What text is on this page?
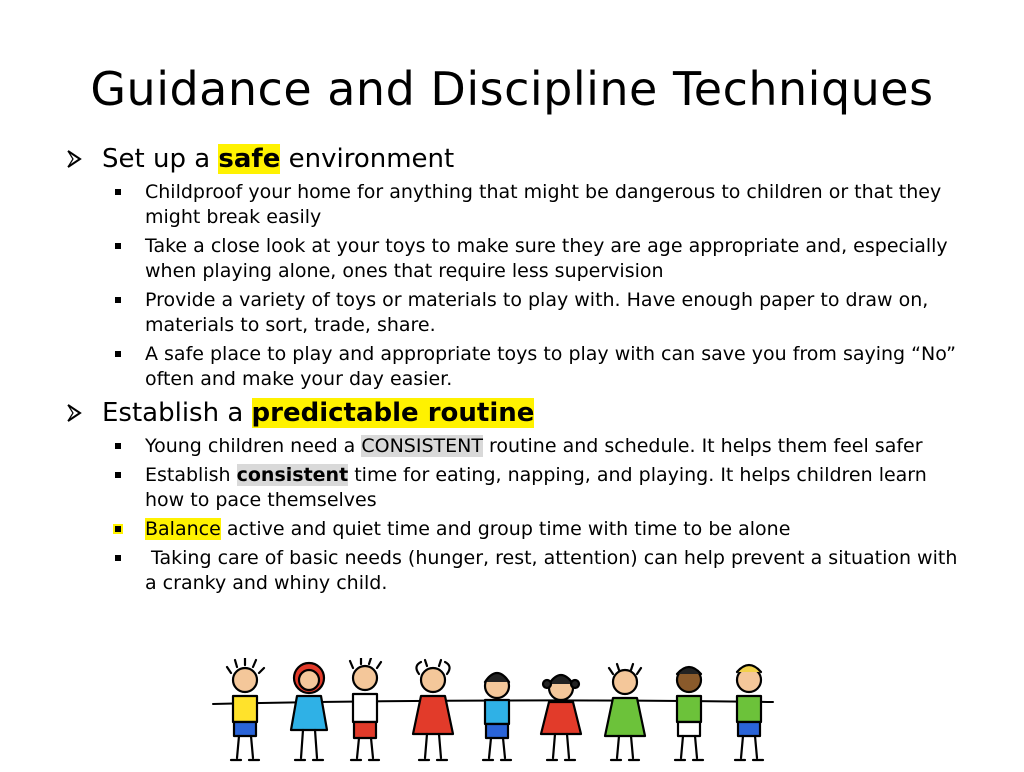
Guidance and Discipline Techniques
Set up a safe environment
Childproof your home for anything that might be dangerous to children or that they might break easily
Take a close look at your toys to make sure they are age appropriate and, especially when playing alone, ones that require less supervision
Provide a variety of toys or materials to play with. Have enough paper to draw on, materials to sort, trade, share.
A safe place to play and appropriate toys to play with can save you from saying “No” often and make your day easier.
Establish a predictable routine
Young children need a CONSISTENT routine and schedule. It helps them feel safer
Establish consistent time for eating, napping, and playing. It helps children learn how to pace themselves
Balance active and quiet time and group time with time to be alone
Taking care of basic needs (hunger, rest, attention) can help prevent a situation with a cranky and whiny child.
